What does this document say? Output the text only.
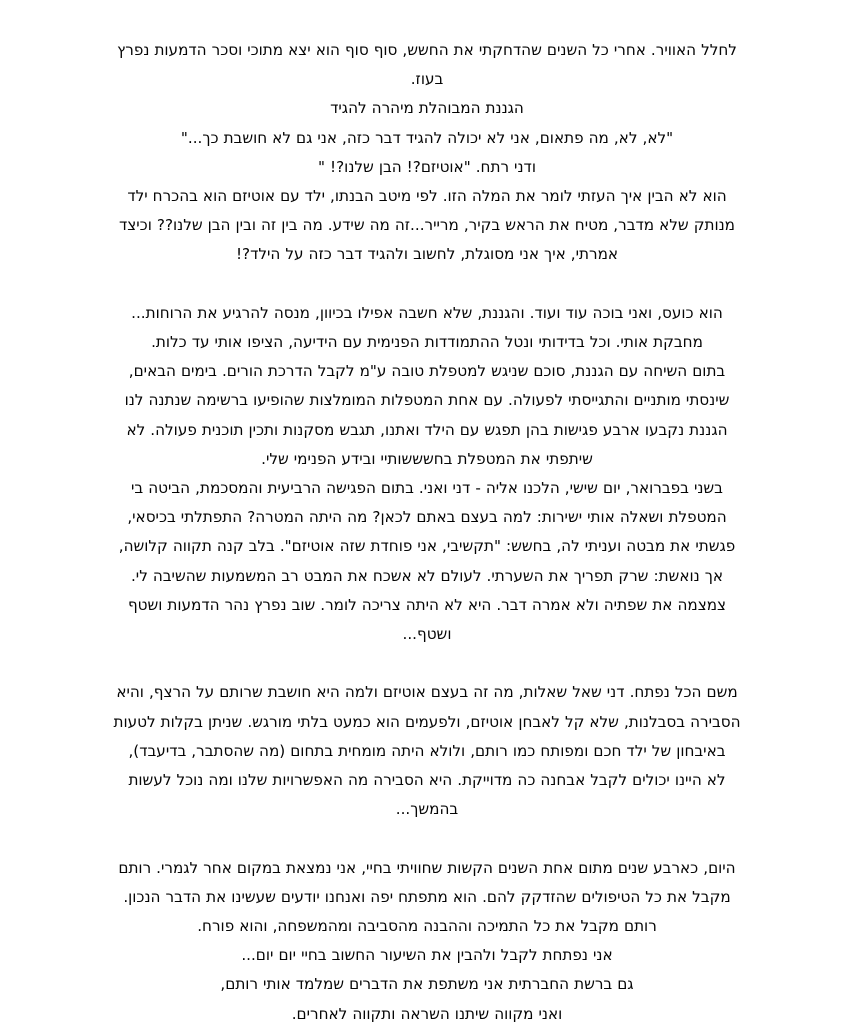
לחלל האוויר. אחרי כל השנים שהדחקתי את החשש, סוף סוף הוא יצא מתוכי וסכר הדמעות נפרץ

בעוז.

הגננת המבוהלת מיהרה להגיד

"לא, לא, מה פתאום, אני לא יכולה להגיד דבר כזה, אני גם לא חושבת כך..."

ודני רתח. "אוטיזם?! הבן שלנו?! "

הוא לא הבין איך העזתי לומר את המלה הזו. לפי מיטב הבנתו, ילד עם אוטיזם הוא בהכרח ילד

מנותק שלא מדבר, מטיח את הראש בקיר, מרייר...זה מה שידע. מה בין זה ובין הבן שלנו?? וכיצד

אמרתי, איך אני מסוגלת, לחשוב ולהגיד דבר כזה על הילד?!

הוא כועס, ואני בוכה עוד ועוד. והגננת, שלא חשבה אפילו בכיוון, מנסה להרגיע את הרוחות...

מחבקת אותי. וכל בדידותי ונטל ההתמודדות הפנימית עם הידיעה, הציפו אותי עד כלות.

בתום השיחה עם הגננת, סוכם שניגש למטפלת טובה ע"מ לקבל הדרכת הורים. בימים הבאים,

שינסתי מותניים והתגייסתי לפעולה. עם אחת המטפלות המומלצות שהופיעו ברשימה שנתנה לנו

הגננת נקבעו ארבע פגישות בהן תפגש עם הילד ואתנו, תגבש מסקנות ותכין תוכנית פעולה. לא

שיתפתי את המטפלת בחשששותיי ובידע הפנימי שלי.

בשני בפברואר, יום שישי, הלכנו אליה - דני ואני. בתום הפגישה הרביעית והמסכמת, הביטה בי

המטפלת ושאלה אותי ישירות: למה בעצם באתם לכאן? מה היתה המטרה? התפתלתי בכיסאי,

פגשתי את מבטה ועניתי לה, בחשש: "תקשיבי, אני פוחדת שזה אוטיזם". בלב קנה תקווה קלושה,

אך נואשת: שרק תפריך את השערתי. לעולם לא אשכח את המבט רב המשמעות שהשיבה לי.

צמצמה את שפתיה ולא אמרה דבר. היא לא היתה צריכה לומר. שוב נפרץ נהר הדמעות ושטף

ושטף...

משם הכל נפתח. דני שאל שאלות, מה זה בעצם אוטיזם ולמה היא חושבת שרותם על הרצף, והיא

הסבירה בסבלנות, שלא קל לאבחן אוטיזם, ולפעמים הוא כמעט בלתי מורגש. שניתן בקלות לטעות

באיבחון של ילד חכם ומפותח כמו רותם, ולולא היתה מומחית בתחום (מה שהסתבר, בדיעבד),

לא היינו יכולים לקבל אבחנה כה מדוייקת. היא הסבירה מה האפשרויות שלנו ומה נוכל לעשות

בהמשך...

היום, כארבע שנים מתום אחת השנים הקשות שחוויתי בחיי, אני נמצאת במקום אחר לגמרי. רותם

מקבל את כל הטיפולים שהזדקק להם. הוא מתפתח יפה ואנחנו יודעים שעשינו את הדבר הנכון.

רותם מקבל את כל התמיכה וההבנה מהסביבה ומהמשפחה, והוא פורח.

אני נפתחת לקבל ולהבין את השיעור החשוב בחיי יום יום...

גם ברשת החברתית אני משתפת את הדברים שמלמד אותי רותם,

ואני מקווה שיתנו השראה ותקווה לאחרים.
